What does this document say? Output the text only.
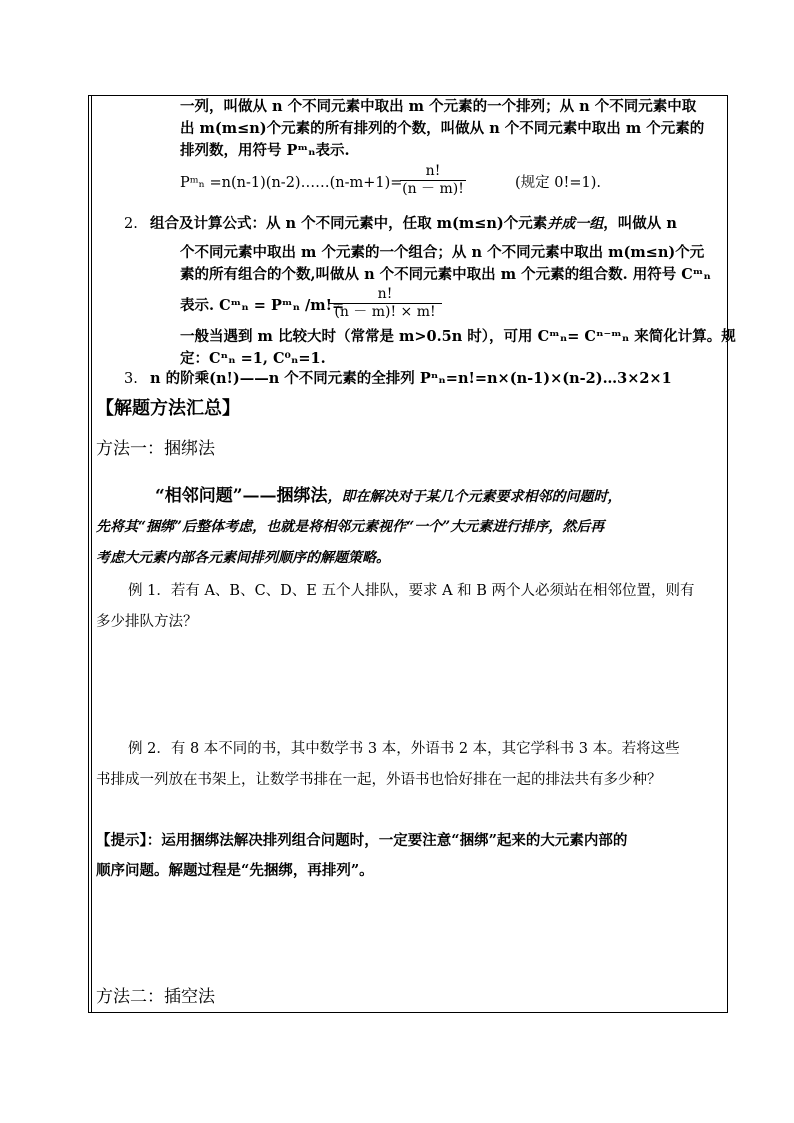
一列，叫做从 n 个不同元素中取出 m 个元素的一个排列；从 n 个不同元素中取
出 m(m≤n)个元素的所有排列的个数，叫做从 n 个不同元素中取出 m 个元素的
排列数，用符号 Pᵐₙ表示.
Pᵐₙ =n(n-1)(n-2)……(n-m+1)=
n!
(n － m)!	(规定 0!=1).
2. 组合及计算公式：从 n 个不同元素中，任取 m(m≤n)个元素并成一组，叫做从 n
个不同元素中取出 m 个元素的一个组合；从 n 个不同元素中取出 m(m≤n)个元
素的所有组合的个数,叫做从 n 个不同元素中取出 m 个元素的组合数. 用符号 Cᵐₙ
表示. Cᵐₙ = Pᵐₙ /m!=
n!
(n － m)! × m!
一般当遇到 m 比较大时（常常是 m>0.5n 时），可用 Cᵐₙ= Cⁿ⁻ᵐₙ 来简化计算。规
定：Cⁿₙ =1, C⁰ₙ=1.
3. n 的阶乘(n!)——n 个不同元素的全排列 Pⁿₙ=n!=n×(n-1)×(n-2)…3×2×1
【解题方法汇总】
方法一：捆绑法
“相邻问题”——捆绑法，即在解决对于某几个元素要求相邻的问题时，
先将其“捆绑”后整体考虑，也就是将相邻元素视作“一个”大元素进行排序，然后再
考虑大元素内部各元素间排列顺序的解题策略。
例 1．若有 A、B、C、D、E 五个人排队，要求 A 和 B 两个人必须站在相邻位置，则有
多少排队方法？
例 2．有 8 本不同的书，其中数学书 3 本，外语书 2 本，其它学科书 3 本。若将这些
书排成一列放在书架上，让数学书排在一起，外语书也恰好排在一起的排法共有多少种？
【提示】：运用捆绑法解决排列组合问题时，一定要注意“捆绑”起来的大元素内部的
顺序问题。解题过程是“先捆绑，再排列”。
方法二：插空法
